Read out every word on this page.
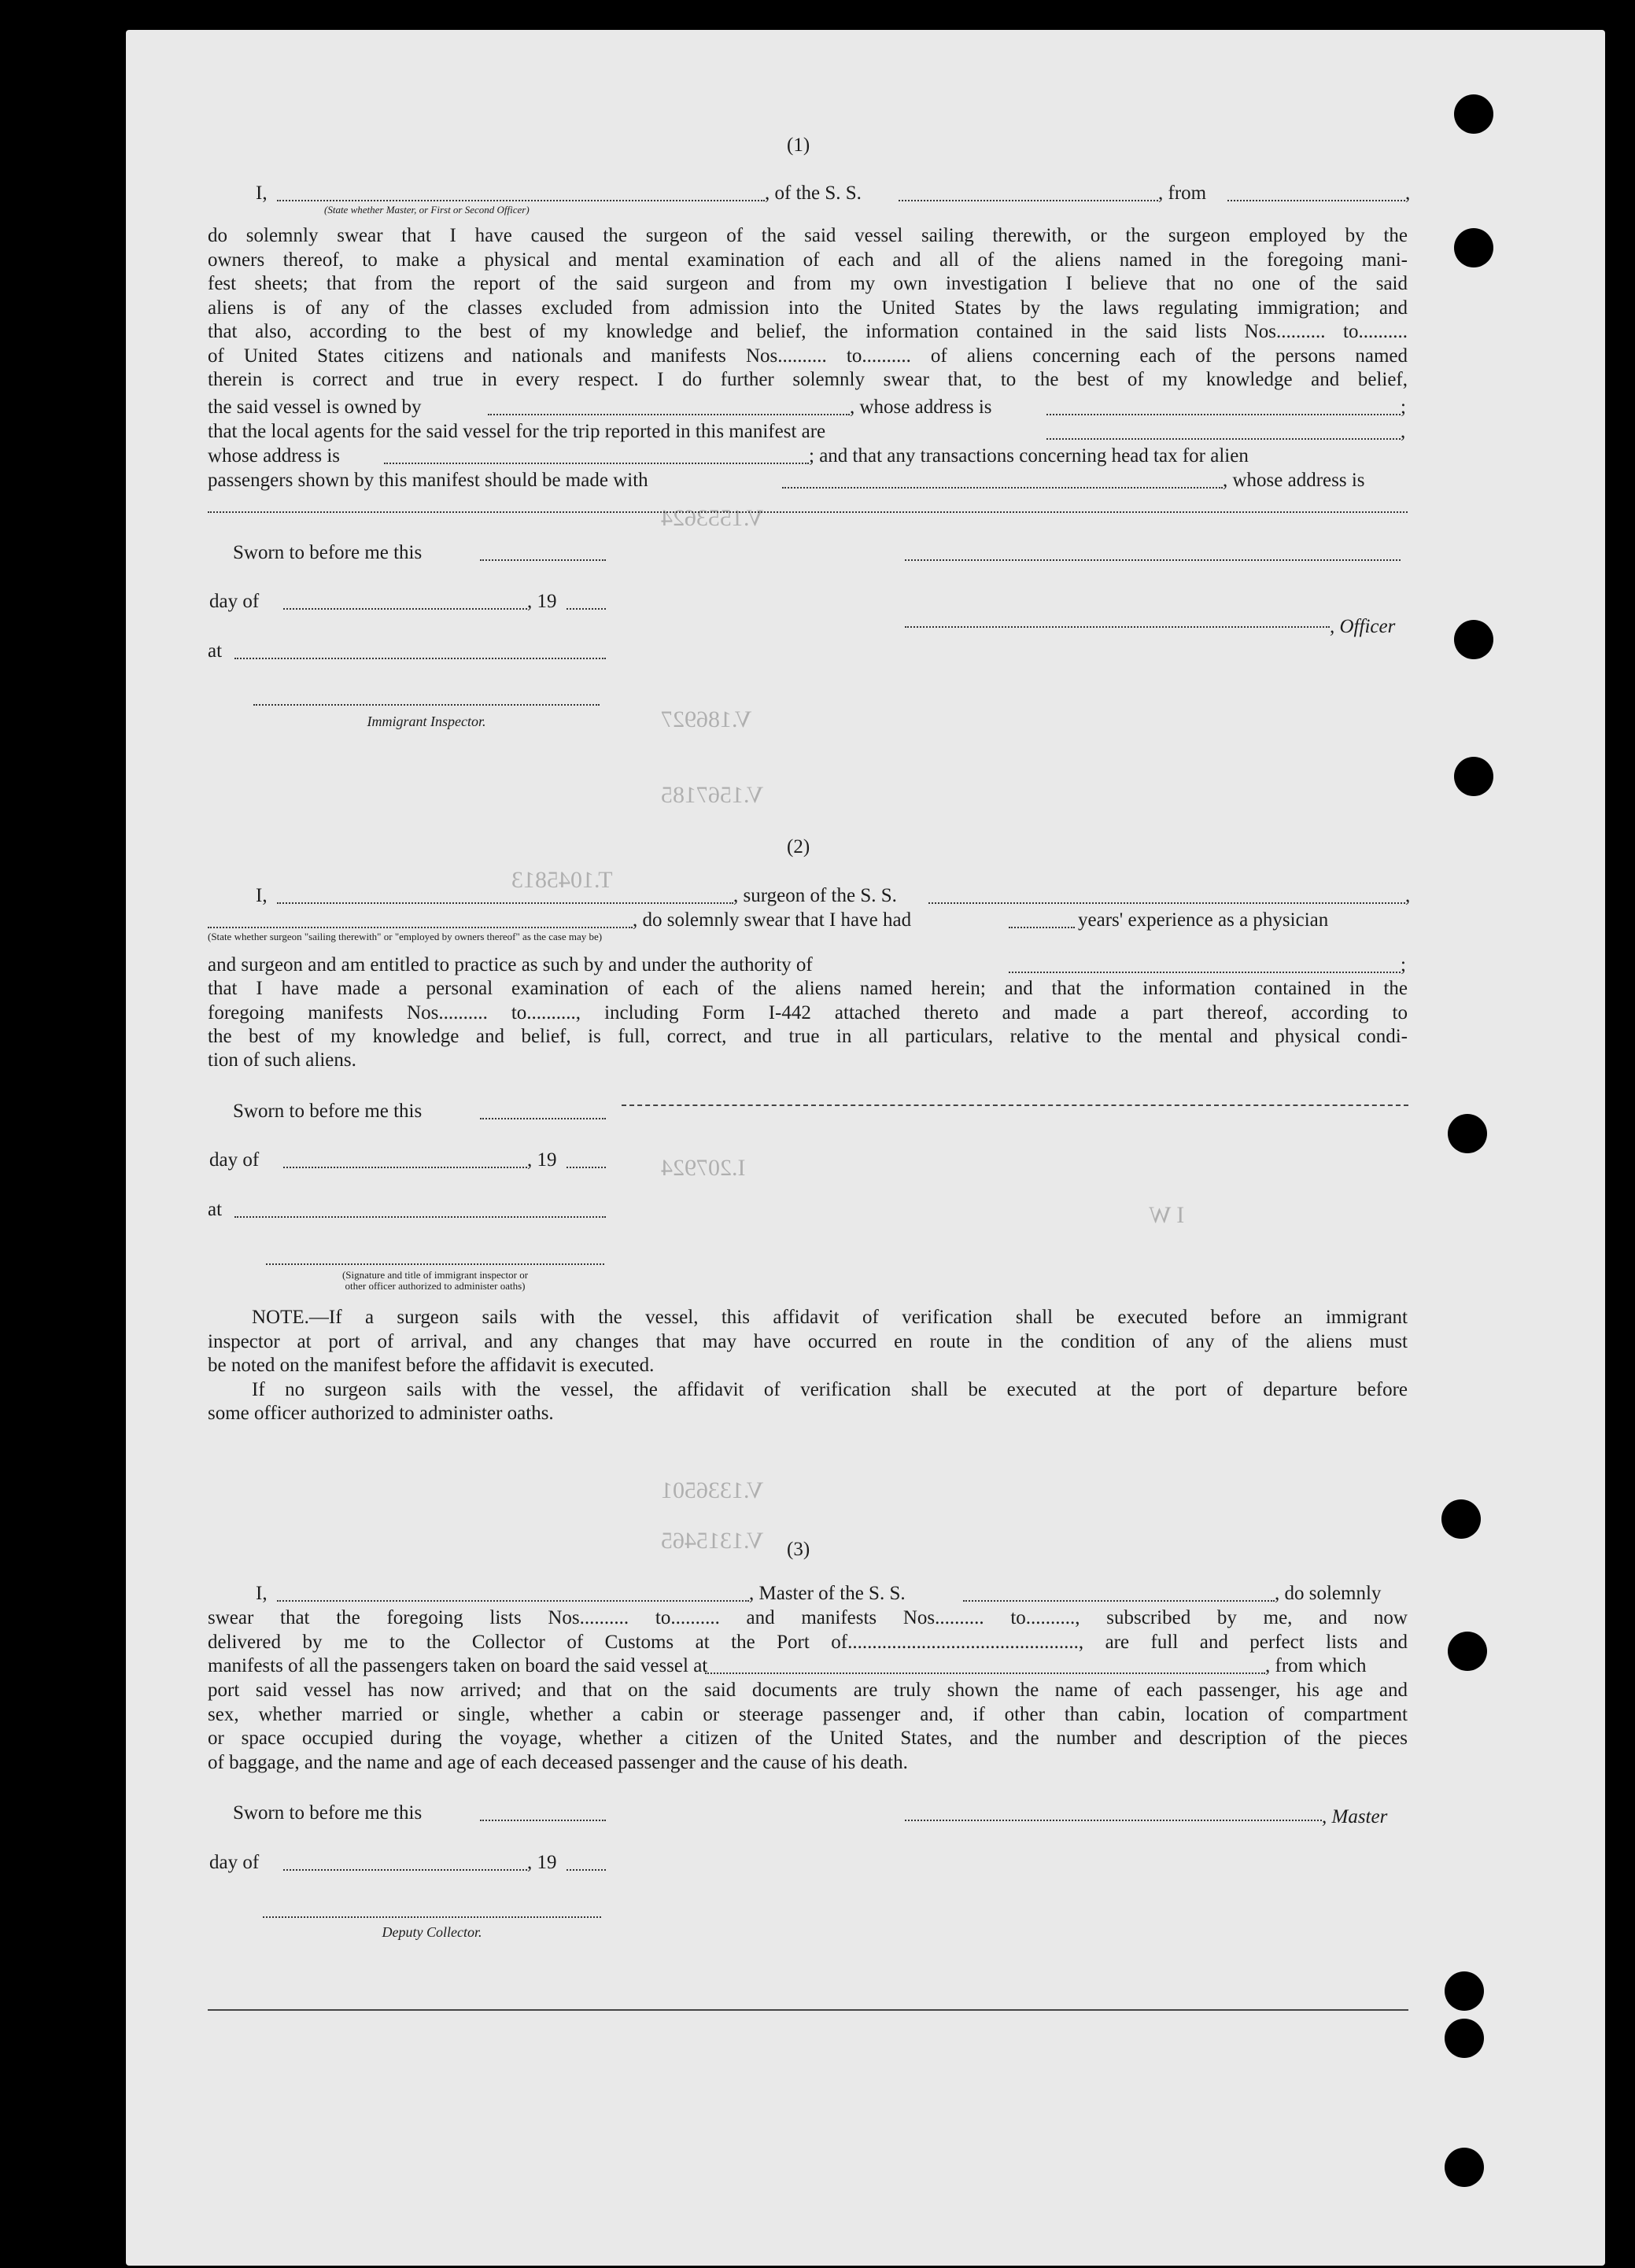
V.1553624
V.186927
V.1567185
T.1045813
V.1336501
V.1315465
I.207924
I W
(1)
I,	, of the S. S.	, from	,
(State whether Master, or First or Second Officer)
do solemnly swear that I have caused the surgeon of the said vessel sailing therewith, or the surgeon employed by the
owners thereof, to make a physical and mental examination of each and all of the aliens named in the foregoing mani-
fest sheets; that from the report of the said surgeon and from my own investigation I believe that no one of the said
aliens is of any of the classes excluded from admission into the United States by the laws regulating immigration; and
that also, according to the best of my knowledge and belief, the information contained in the said lists Nos.......... to..........
of United States citizens and nationals and manifests Nos.......... to.......... of aliens concerning each of the persons named
therein is correct and true in every respect. I do further solemnly swear that, to the best of my knowledge and belief,
the said vessel is owned by	, whose address is	;
that the local agents for the said vessel for the trip reported in this manifest are	,
whose address is	; and that any transactions concerning head tax for alien
passengers shown by this manifest should be made with	, whose address is
Sworn to before me this
day of	, 19
, Officer
at
Immigrant Inspector.
(2)
I,	, surgeon of the S. S.	,
, do solemnly swear that I have had	years' experience as a physician
(State whether surgeon "sailing therewith" or "employed by owners thereof" as the case may be)
and surgeon and am entitled to practice as such by and under the authority of	;
that I have made a personal examination of each of the aliens named herein; and that the information contained in the
foregoing manifests Nos.......... to.........., including Form I-442 attached thereto and made a part thereof, according to
the best of my knowledge and belief, is full, correct, and true in all particulars, relative to the mental and physical condi-
tion of such aliens.
Sworn to before me this
day of	, 19
at
(Signature and title of immigrant inspector or
other officer authorized to administer oaths)
NOTE.—If a surgeon sails with the vessel, this affidavit of verification shall be executed before an immigrant
inspector at port of arrival, and any changes that may have occurred en route in the condition of any of the aliens must
be noted on the manifest before the affidavit is executed.
If no surgeon sails with the vessel, the affidavit of verification shall be executed at the port of departure before
some officer authorized to administer oaths.
(3)
I,	, Master of the S. S.	, do solemnly
swear that the foregoing lists Nos.......... to.......... and manifests Nos.......... to.........., subscribed by me, and now
delivered by me to the Collector of Customs at the Port of..............................................., are full and perfect lists and
manifests of all the passengers taken on board the said vessel at	, from which
port said vessel has now arrived; and that on the said documents are truly shown the name of each passenger, his age and
sex, whether married or single, whether a cabin or steerage passenger and, if other than cabin, location of compartment
or space occupied during the voyage, whether a citizen of the United States, and the number and description of the pieces
of baggage, and the name and age of each deceased passenger and the cause of his death.
Sworn to before me this	, Master
day of	, 19
Deputy Collector.
